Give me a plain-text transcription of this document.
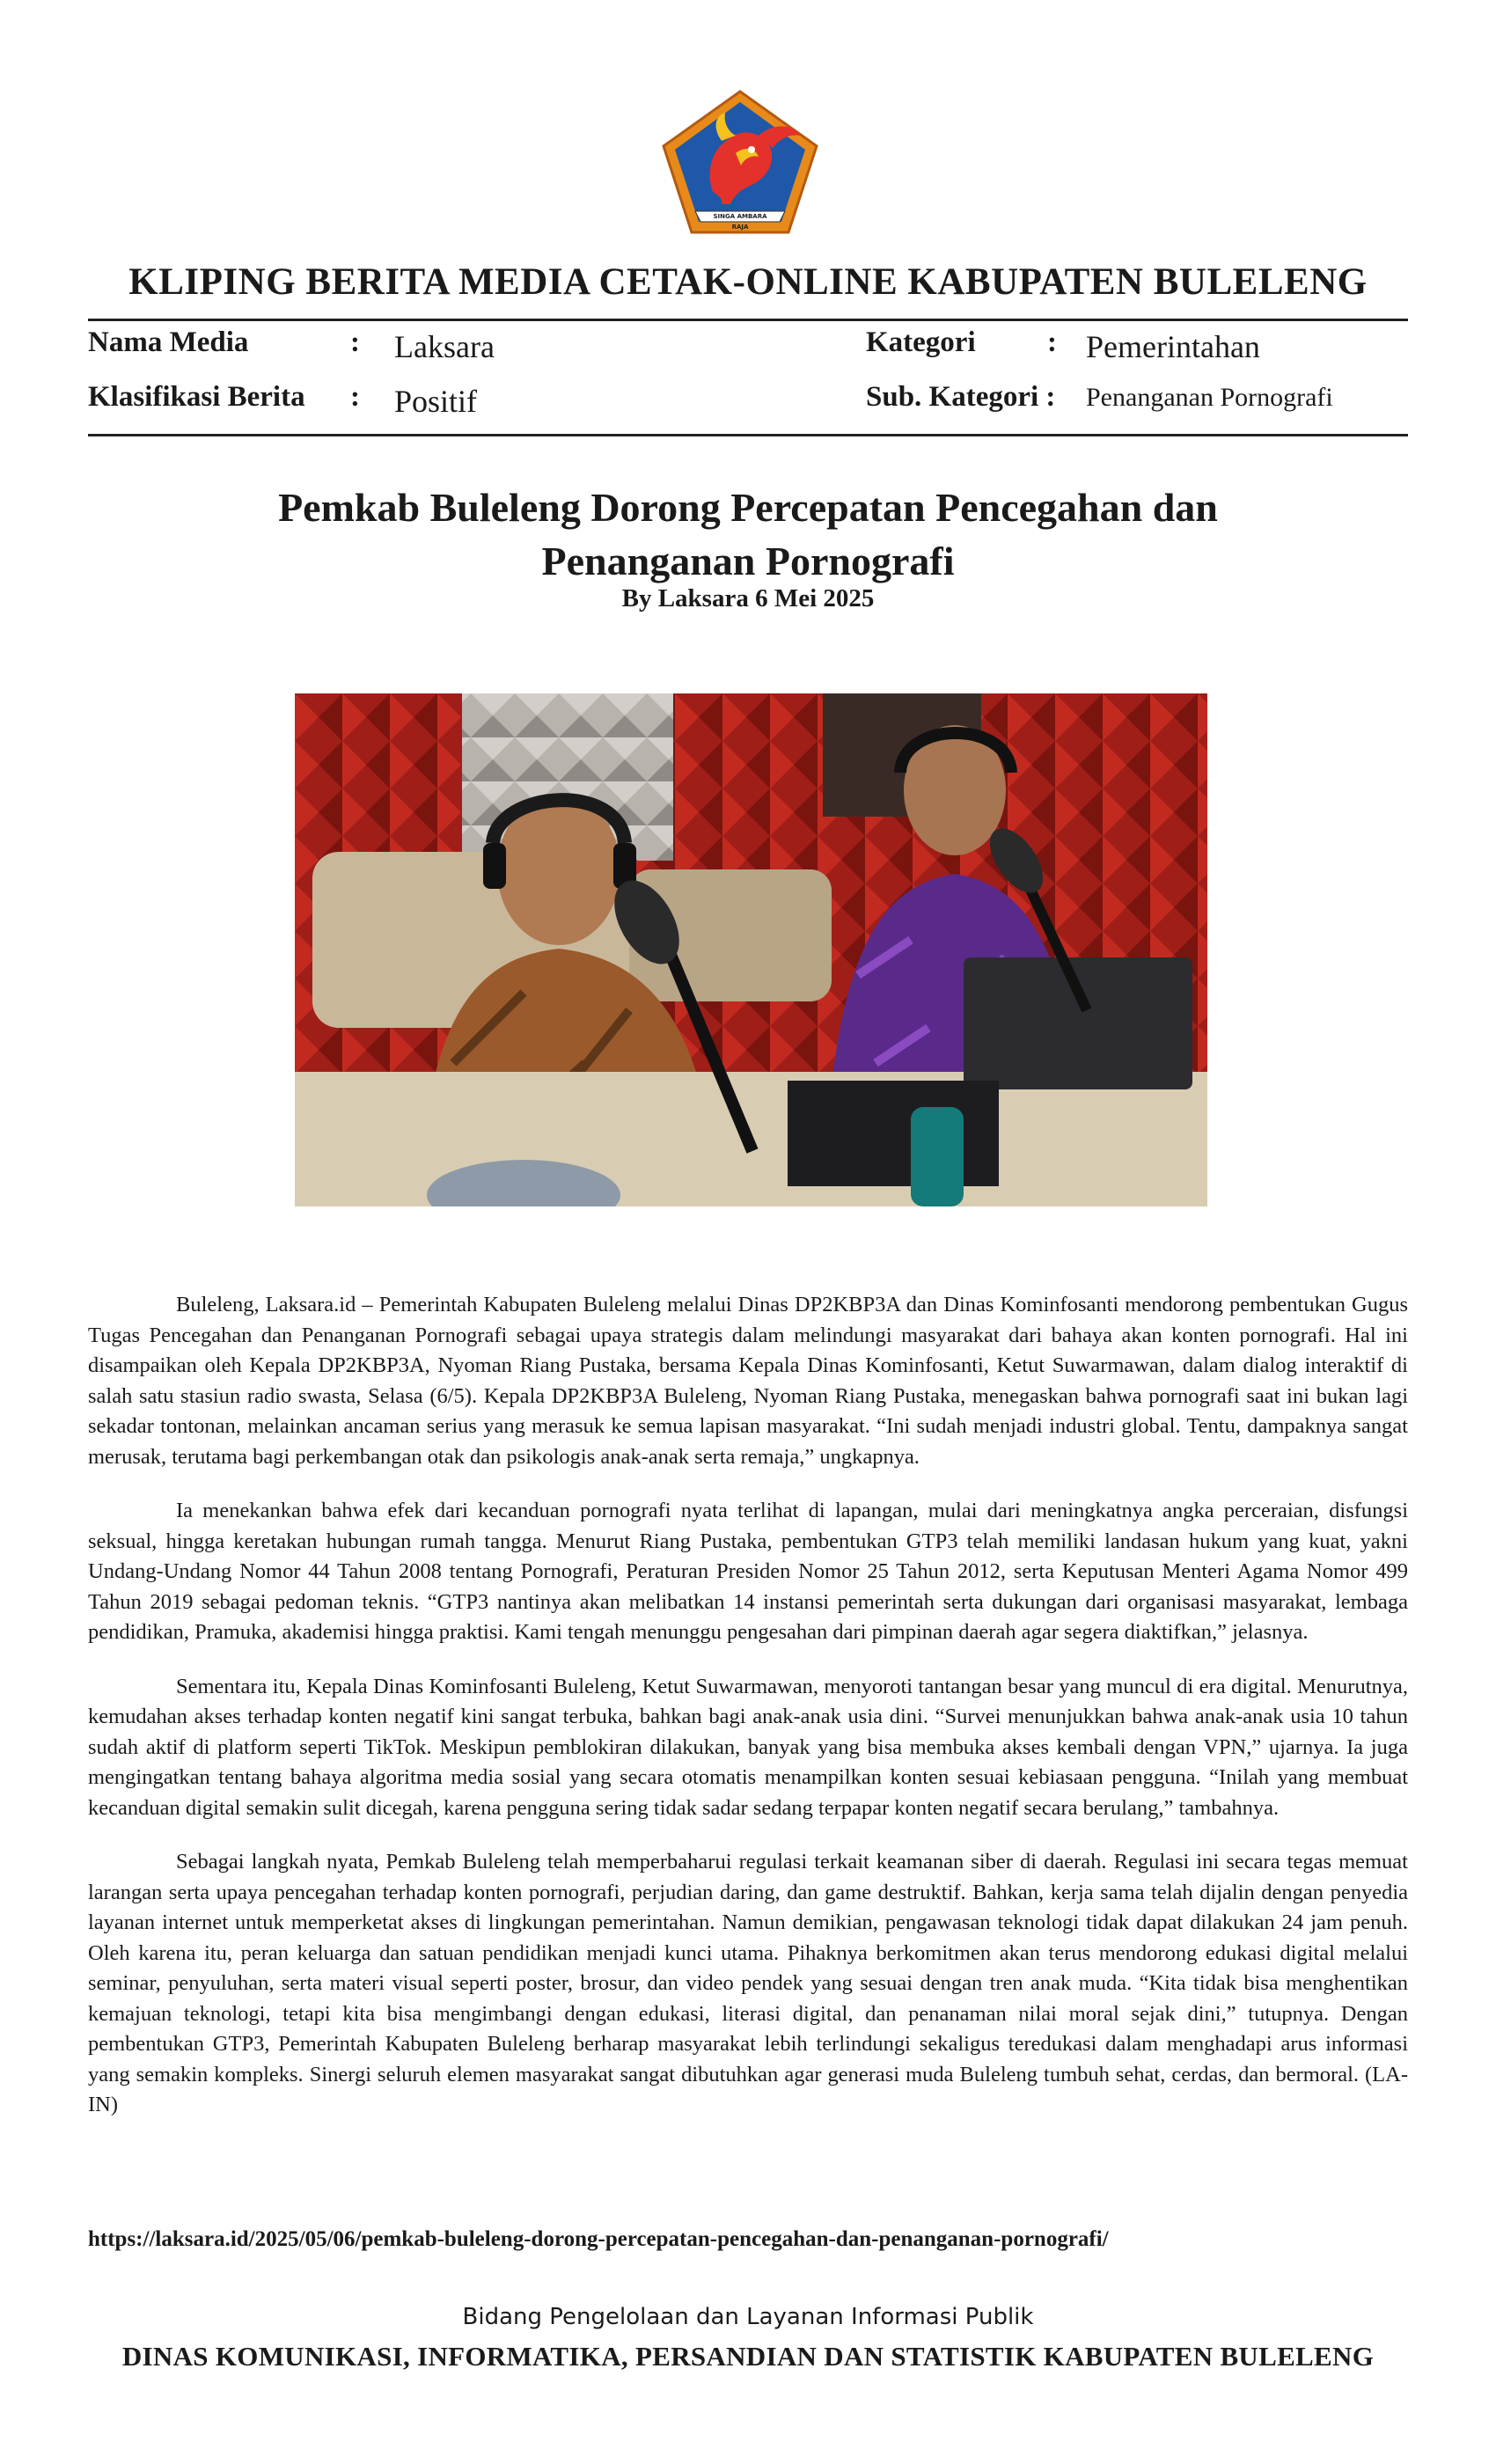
SINGA AMBARA RAJA
KLIPING BERITA MEDIA CETAK-ONLINE KABUPATEN BULELENG
Nama Media	: Laksara
Klasifikasi Berita : Positif
Kategori : Pemerintahan
Sub. Kategori : Penanganan Pornografi
Pemkab Buleleng Dorong Percepatan Pencegahan dan Penanganan Pornografi
By Laksara 6 Mei 2025

Buleleng, Laksara.id – Pemerintah Kabupaten Buleleng melalui Dinas DP2KBP3A dan Dinas Kominfosanti mendorong pembentukan Gugus Tugas Pencegahan dan Penanganan Pornografi sebagai upaya strategis dalam melindungi masyarakat dari bahaya akan konten pornografi. Hal ini disampaikan oleh Kepala DP2KBP3A, Nyoman Riang Pustaka, bersama Kepala Dinas Kominfosanti, Ketut Suwarmawan, dalam dialog interaktif di salah satu stasiun radio swasta, Selasa (6/5). Kepala DP2KBP3A Buleleng, Nyoman Riang Pustaka, menegaskan bahwa pornografi saat ini bukan lagi sekadar tontonan, melainkan ancaman serius yang merasuk ke semua lapisan masyarakat. “Ini sudah menjadi industri global. Tentu, dampaknya sangat merusak, terutama bagi perkembangan otak dan psikologis anak-anak serta remaja,” ungkapnya.

Ia menekankan bahwa efek dari kecanduan pornografi nyata terlihat di lapangan, mulai dari meningkatnya angka perceraian, disfungsi seksual, hingga keretakan hubungan rumah tangga. Menurut Riang Pustaka, pembentukan GTP3 telah memiliki landasan hukum yang kuat, yakni Undang-Undang Nomor 44 Tahun 2008 tentang Pornografi, Peraturan Presiden Nomor 25 Tahun 2012, serta Keputusan Menteri Agama Nomor 499 Tahun 2019 sebagai pedoman teknis. “GTP3 nantinya akan melibatkan 14 instansi pemerintah serta dukungan dari organisasi masyarakat, lembaga pendidikan, Pramuka, akademisi hingga praktisi. Kami tengah menunggu pengesahan dari pimpinan daerah agar segera diaktifkan,” jelasnya.

Sementara itu, Kepala Dinas Kominfosanti Buleleng, Ketut Suwarmawan, menyoroti tantangan besar yang muncul di era digital. Menurutnya, kemudahan akses terhadap konten negatif kini sangat terbuka, bahkan bagi anak-anak usia dini. “Survei menunjukkan bahwa anak-anak usia 10 tahun sudah aktif di platform seperti TikTok. Meskipun pemblokiran dilakukan, banyak yang bisa membuka akses kembali dengan VPN,” ujarnya. Ia juga mengingatkan tentang bahaya algoritma media sosial yang secara otomatis menampilkan konten sesuai kebiasaan pengguna. “Inilah yang membuat kecanduan digital semakin sulit dicegah, karena pengguna sering tidak sadar sedang terpapar konten negatif secara berulang,” tambahnya.

Sebagai langkah nyata, Pemkab Buleleng telah memperbaharui regulasi terkait keamanan siber di daerah. Regulasi ini secara tegas memuat larangan serta upaya pencegahan terhadap konten pornografi, perjudian daring, dan game destruktif. Bahkan, kerja sama telah dijalin dengan penyedia layanan internet untuk memperketat akses di lingkungan pemerintahan. Namun demikian, pengawasan teknologi tidak dapat dilakukan 24 jam penuh. Oleh karena itu, peran keluarga dan satuan pendidikan menjadi kunci utama. Pihaknya berkomitmen akan terus mendorong edukasi digital melalui seminar, penyuluhan, serta materi visual seperti poster, brosur, dan video pendek yang sesuai dengan tren anak muda. “Kita tidak bisa menghentikan kemajuan teknologi, tetapi kita bisa mengimbangi dengan edukasi, literasi digital, dan penanaman nilai moral sejak dini,” tutupnya. Dengan pembentukan GTP3, Pemerintah Kabupaten Buleleng berharap masyarakat lebih terlindungi sekaligus teredukasi dalam menghadapi arus informasi yang semakin kompleks. Sinergi seluruh elemen masyarakat sangat dibutuhkan agar generasi muda Buleleng tumbuh sehat, cerdas, dan bermoral. (LA-IN)

https://laksara.id/2025/05/06/pemkab-buleleng-dorong-percepatan-pencegahan-dan-penanganan-pornografi/
Bidang Pengelolaan dan Layanan Informasi Publik
DINAS KOMUNIKASI, INFORMATIKA, PERSANDIAN DAN STATISTIK KABUPATEN BULELENG
